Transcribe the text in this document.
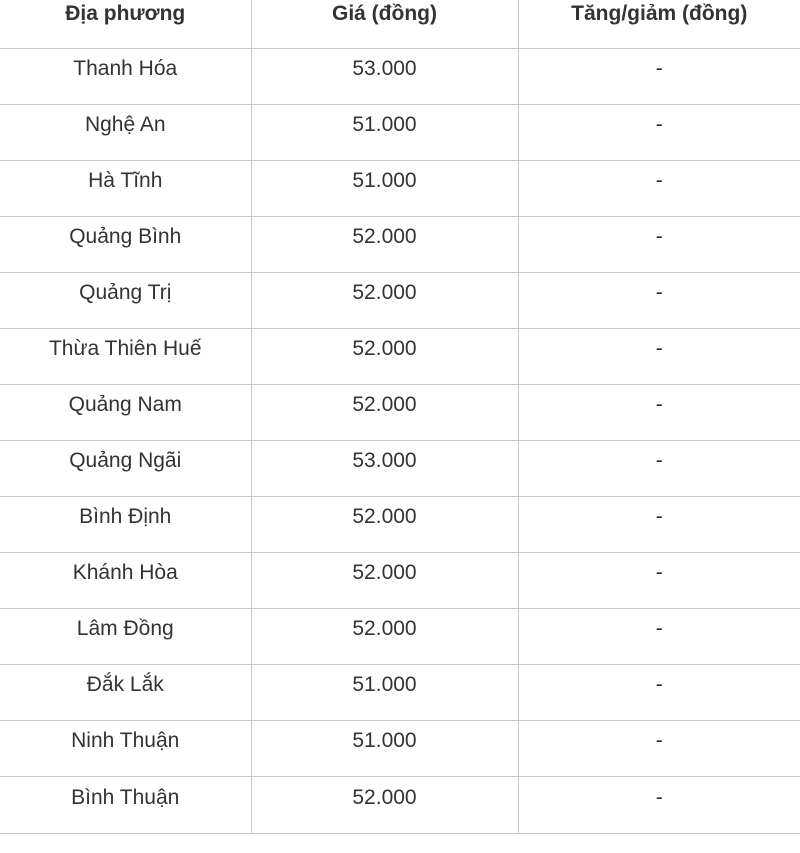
Địa phương	Giá (đồng)	Tăng/giảm (đồng)
Thanh Hóa	53.000	-
Nghệ An	51.000	-
Hà Tĩnh	51.000	-
Quảng Bình	52.000	-
Quảng Trị	52.000	-
Thừa Thiên Huế	52.000	-
Quảng Nam	52.000	-
Quảng Ngãi	53.000	-
Bình Định	52.000	-
Khánh Hòa	52.000	-
Lâm Đồng	52.000	-
Đắk Lắk	51.000	-
Ninh Thuận	51.000	-
Bình Thuận	52.000	-
